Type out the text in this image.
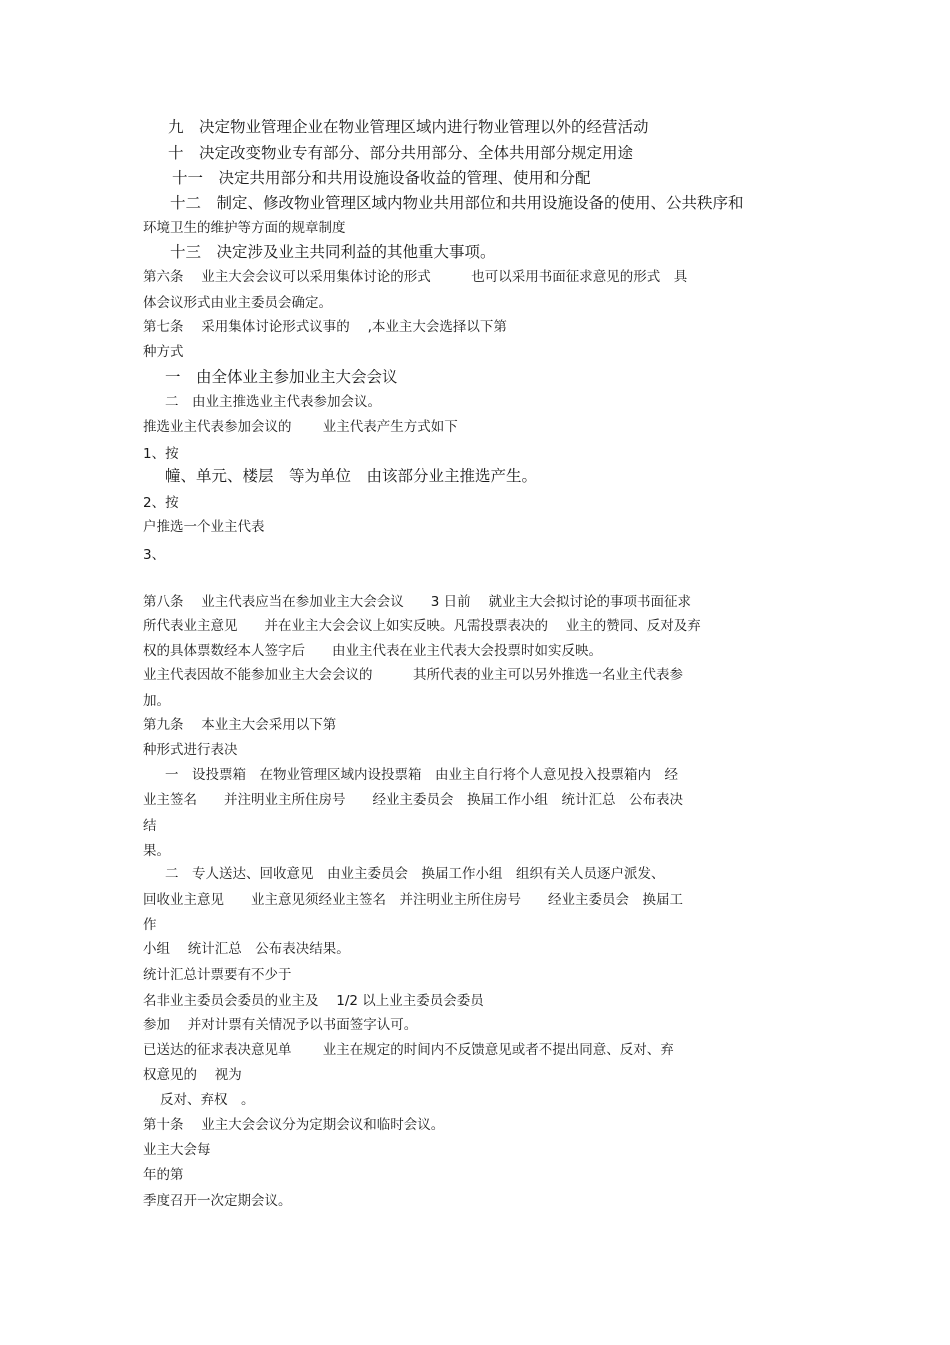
九　决定物业管理企业在物业管理区域内进行物业管理以外的经营活动
十　决定改变物业专有部分、部分共用部分、全体共用部分规定用途
十一　决定共用部分和共用设施设备收益的管理、使用和分配
十二　制定、修改物业管理区域内物业共用部位和共用设施设备的使用、公共秩序和
环境卫生的维护等方面的规章制度
十三　决定涉及业主共同利益的其他重大事项。
第六条　 业主大会会议可以采用集体讨论的形式　　　也可以采用书面征求意见的形式　具
体会议形式由业主委员会确定。
第七条　 采用集体讨论形式议事的　 ,本业主大会选择以下第
种方式
一　由全体业主参加业主大会会议
二　由业主推选业主代表参加会议。
推选业主代表参加会议的　　 业主代表产生方式如下
1、按
幢、单元、楼层　等为单位　由该部分业主推选产生。
2、按
户推选一个业主代表
3、
第八条　 业主代表应当在参加业主大会会议　　3 日前　 就业主大会拟讨论的事项书面征求
所代表业主意见　　并在业主大会会议上如实反映。凡需投票表决的　 业主的赞同、反对及弃
权的具体票数经本人签字后　　由业主代表在业主代表大会投票时如实反映。
业主代表因故不能参加业主大会会议的　　　其所代表的业主可以另外推选一名业主代表参
加。
第九条　 本业主大会采用以下第
种形式进行表决
一　设投票箱　在物业管理区域内设投票箱　由业主自行将个人意见投入投票箱内　经
业主签名　　并注明业主所住房号　　经业主委员会　换届工作小组　统计汇总　公布表决
结
果。
二　专人送达、回收意见　由业主委员会　换届工作小组　组织有关人员逐户派发、
回收业主意见　　业主意见须经业主签名　并注明业主所住房号　　经业主委员会　换届工
作
小组　 统计汇总　公布表决结果。
统计汇总计票要有不少于
名非业主委员会委员的业主及　 1/2 以上业主委员会委员
参加　 并对计票有关情况予以书面签字认可。
已送达的征求表决意见单　　 业主在规定的时间内不反馈意见或者不提出同意、反对、弃
权意见的　 视为
反对、弃权　。
第十条　 业主大会会议分为定期会议和临时会议。
业主大会每
年的第
季度召开一次定期会议。
